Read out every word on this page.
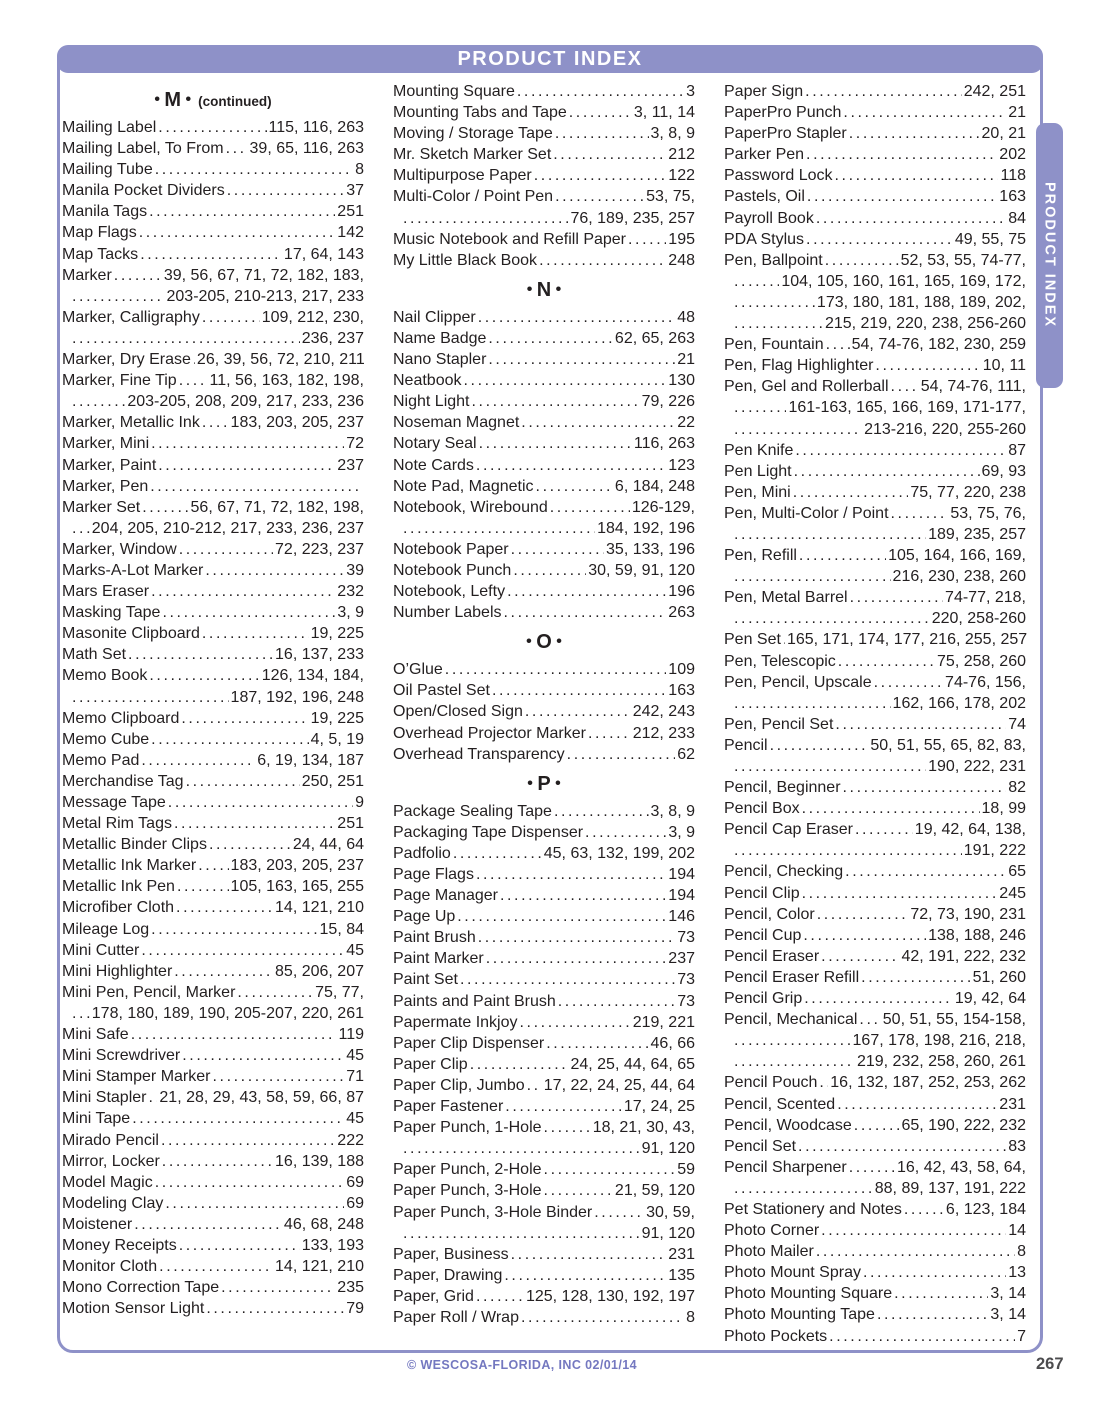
PRODUCT INDEX
• M • (continued)
Mailing Label .....	115, 116, 263
Mailing Label, To From ..... 39, 65, 116, 263
Mailing Tube .....	8
Manila Pocket Dividers .....	37
Manila Tags .....	251
Map Flags .....	142
Map Tacks .....	17, 64, 143
Marker .....	39, 56, 67, 71, 72, 182, 183,
.....
203-205, 210-213, 217, 233
Marker, Calligraphy .....	109, 212, 230,
.....
236, 237
Marker, Dry Erase ..... 26, 39, 56, 72, 210, 211
Marker, Fine Tip ..... 11, 56, 163, 182, 198,
.....
203-205, 208, 209, 217, 233, 236
Marker, Metallic Ink ..... 183, 203, 205, 237
Marker, Mini .....	72
Marker, Paint .....	237
Marker, Pen
.....
Marker Set .....	56, 67, 71, 72, 182, 198,
.....
204, 205, 210-212, 217, 233, 236, 237
Marker, Window .....	72, 223, 237
Marks-A-Lot Marker .....	39
Mars Eraser .....	232
Masking Tape .....	3, 9
Masonite Clipboard .....	19, 225
Math Set .....	16, 137, 233
Memo Book .....	126, 134, 184,
.....
187, 192, 196, 248
Memo Clipboard .....	19, 225
Memo Cube .....	4, 5, 19
Memo Pad .....	6, 19, 134, 187
Merchandise Tag .....	250, 251
Message Tape .....	9
Metal Rim Tags .....	251
Metallic Binder Clips .....	24, 44, 64
Metallic Ink Marker ..... 183, 203, 205, 237
Metallic Ink Pen .....	105, 163, 165, 255
Microfiber Cloth .....	14, 121, 210
Mileage Log .....	15, 84
Mini Cutter .....	45
Mini Highlighter .....	85, 206, 207
Mini Pen, Pencil, Marker .....	75, 77,
.....
178, 180, 189, 190, 205-207, 220, 261
Mini Safe .....	119
Mini Screwdriver .....	45
Mini Stamper Marker .....	71
Mini Stapler ..... 21, 28, 29, 43, 58, 59, 66, 87
Mini Tape .....	45
Mirado Pencil .....	222
Mirror, Locker .....	16, 139, 188
Model Magic .....	69
Modeling Clay .....	69
Moistener .....	46, 68, 248
Money Receipts .....	133, 193
Monitor Cloth .....	14, 121, 210
Mono Correction Tape .....	235
Motion Sensor Light .....	79
Mounting Square .....	3
Mounting Tabs and Tape .....	3, 11, 14
Moving / Storage Tape .....	3, 8, 9
Mr. Sketch Marker Set .....	212
Multipurpose Paper .....	122
Multi-Color / Point Pen .....	53, 75,
.....
76, 189, 235, 257
Music Notebook and Refill Paper .....	195
My Little Black Book .....	248
• N •
Nail Clipper .....	48
Name Badge .....	62, 65, 263
Nano Stapler .....	21
Neatbook .....	130
Night Light .....	79, 226
Noseman Magnet .....	22
Notary Seal .....	116, 263
Note Cards .....	123
Note Pad, Magnetic .....	6, 184, 248
Notebook, Wirebound .....	126-129,
.....
184, 192, 196
Notebook Paper .....	35, 133, 196
Notebook Punch .....	30, 59, 91, 120
Notebook, Lefty .....	196
Number Labels .....	263
• O •
O’Glue .....	109
Oil Pastel Set .....	163
Open/Closed Sign .....	242, 243
Overhead Projector Marker .....	212, 233
Overhead Transparency .....	62
• P •
Package Sealing Tape .....	3, 8, 9
Packaging Tape Dispenser .....	3, 9
Padfolio .....	45, 63, 132, 199, 202
Page Flags .....	194
Page Manager .....	194
Page Up .....	146
Paint Brush .....	73
Paint Marker .....	237
Paint Set .....	73
Paints and Paint Brush .....	73
Papermate Inkjoy .....	219, 221
Paper Clip Dispenser .....	46, 66
Paper Clip .....	24, 25, 44, 64, 65
Paper Clip, Jumbo ..... 17, 22, 24, 25, 44, 64
Paper Fastener .....	17, 24, 25
Paper Punch, 1-Hole .....	18, 21, 30, 43,
.....
91, 120
Paper Punch, 2-Hole .....	59
Paper Punch, 3-Hole .....	21, 59, 120
Paper Punch, 3-Hole Binder .....	30, 59,
.....
91, 120
Paper, Business .....	231
Paper, Drawing .....	135
Paper, Grid .....	125, 128, 130, 192, 197
Paper Roll / Wrap .....	8
Paper Sign .....	242, 251
PaperPro Punch .....	21
PaperPro Stapler .....	20, 21
Parker Pen .....	202
Password Lock .....	118
Pastels, Oil .....	163
Payroll Book .....	84
PDA Stylus .....	49, 55, 75
Pen, Ballpoint .....	52, 53, 55, 74-77,
.....
104, 105, 160, 161, 165, 169, 172,
.....
173, 180, 181, 188, 189, 202,
.....
215, 219, 220, 238, 256-260
Pen, Fountain ..... 54, 74-76, 182, 230, 259
Pen, Flag Highlighter .....	10, 11
Pen, Gel and Rollerball ..... 54, 74-76, 111,
.....
161-163, 165, 166, 169, 171-177,
.....
213-216, 220, 255-260
Pen Knife .....	87
Pen Light .....	69, 93
Pen, Mini .....	75, 77, 220, 238
Pen, Multi-Color / Point .....	53, 75, 76,
.....
189, 235, 257
Pen, Refill .....	105, 164, 166, 169,
.....
216, 230, 238, 260
Pen, Metal Barrel .....	74-77, 218,
.....
220, 258-260
Pen Set ..... 165, 171, 174, 177, 216, 255, 257
Pen, Telescopic .....	75, 258, 260
Pen, Pencil, Upscale .....	74-76, 156,
.....
162, 166, 178, 202
Pen, Pencil Set .....	74
Pencil .....	50, 51, 55, 65, 82, 83,
.....
190, 222, 231
Pencil, Beginner .....	82
Pencil Box .....	18, 99
Pencil Cap Eraser .....	19, 42, 64, 138,
.....
191, 222
Pencil, Checking .....	65
Pencil Clip .....	245
Pencil, Color .....	72, 73, 190, 231
Pencil Cup .....	138, 188, 246
Pencil Eraser .....	42, 191, 222, 232
Pencil Eraser Refill .....	51, 260
Pencil Grip .....	19, 42, 64
Pencil, Mechanical ..... 50, 51, 55, 154-158,
.....
167, 178, 198, 216, 218,
.....
219, 232, 258, 260, 261
Pencil Pouch ..... 16, 132, 187, 252, 253, 262
Pencil, Scented .....	231
Pencil, Woodcase .....	65, 190, 222, 232
Pencil Set .....	83
Pencil Sharpener .....	16, 42, 43, 58, 64,
.....
88, 89, 137, 191, 222
Pet Stationery and Notes .....	6, 123, 184
Photo Corner .....	14
Photo Mailer .....	8
Photo Mount Spray .....	13
Photo Mounting Square .....	3, 14
Photo Mounting Tape .....	3, 14
Photo Pockets .....	7
PRODUCT INDEX
© WESCOSA-FLORIDA, INC 02/01/14	267
